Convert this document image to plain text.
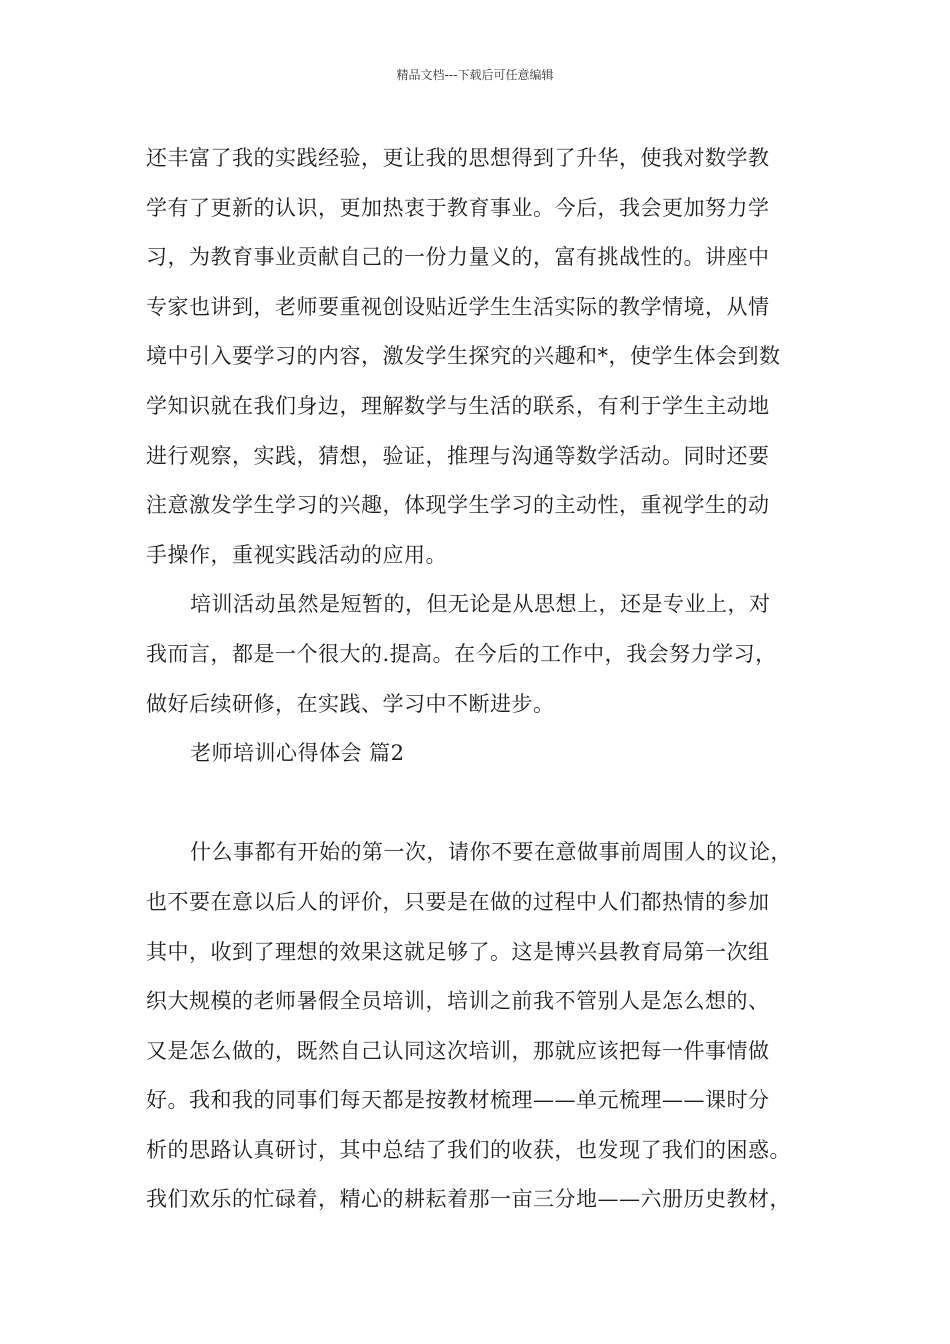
精品文档---下载后可任意编辑
还丰富了我的实践经验，更让我的思想得到了升华，使我对数学教
学有了更新的认识，更加热衷于教育事业。今后，我会更加努力学
习，为教育事业贡献自己的一份力量义的，富有挑战性的。讲座中
专家也讲到，老师要重视创设贴近学生生活实际的教学情境，从情
境中引入要学习的内容，激发学生探究的兴趣和*，使学生体会到数
学知识就在我们身边，理解数学与生活的联系，有利于学生主动地
进行观察，实践，猜想，验证，推理与沟通等数学活动。同时还要
注意激发学生学习的兴趣，体现学生学习的主动性，重视学生的动
手操作，重视实践活动的应用。
培训活动虽然是短暂的，但无论是从思想上，还是专业上，对
我而言，都是一个很大的.提高。在今后的工作中，我会努力学习，
做好后续研修，在实践、学习中不断进步。
老师培训心得体会 篇2
什么事都有开始的第一次，请你不要在意做事前周围人的议论，
也不要在意以后人的评价，只要是在做的过程中人们都热情的参加
其中，收到了理想的效果这就足够了。这是博兴县教育局第一次组
织大规模的老师暑假全员培训，培训之前我不管别人是怎么想的、
又是怎么做的，既然自己认同这次培训，那就应该把每一件事情做
好。我和我的同事们每天都是按教材梳理——单元梳理——课时分
析的思路认真研讨，其中总结了我们的收获，也发现了我们的困惑。
我们欢乐的忙碌着，精心的耕耘着那一亩三分地——六册历史教材，
